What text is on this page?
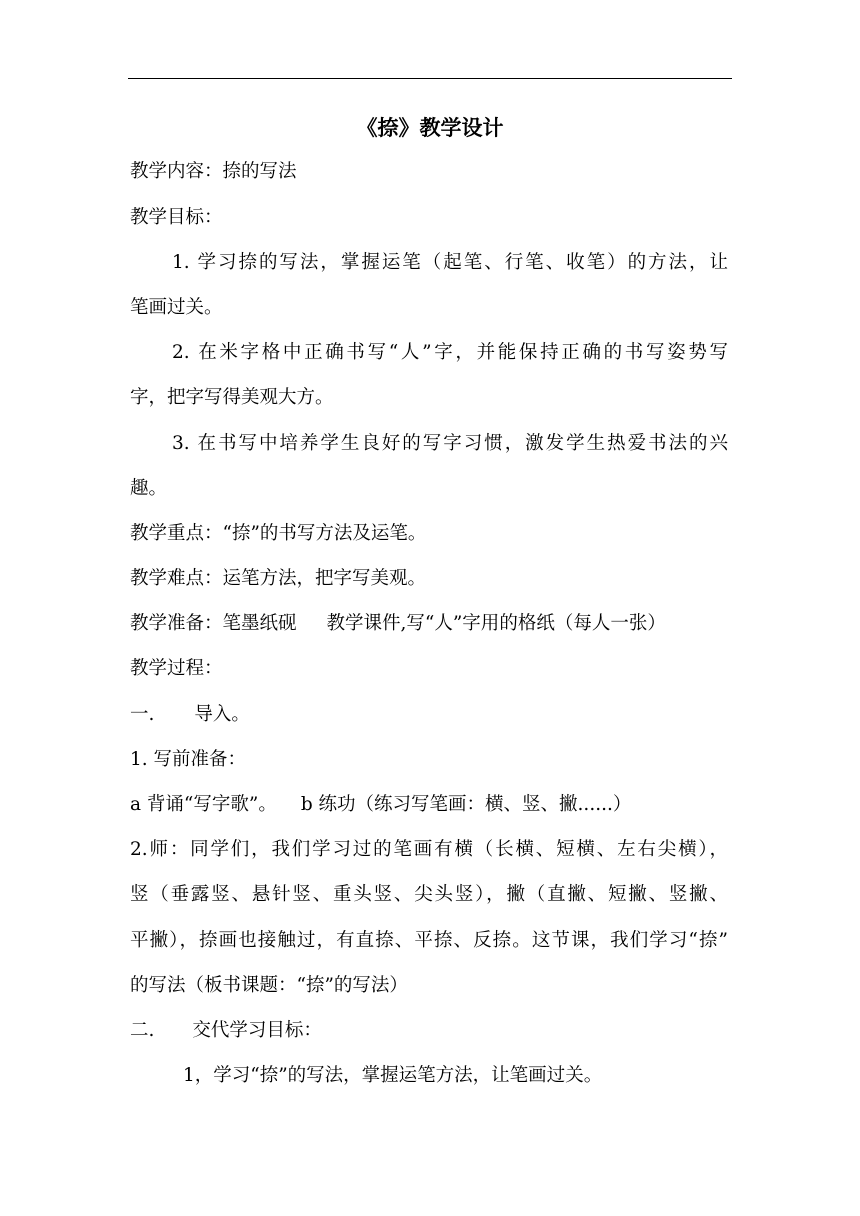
《捺》教学设计
教学内容：捺的写法
教学目标：
1. 学习捺的写法，掌握运笔（起笔、行笔、收笔）的方法，让
笔画过关。
2. 在米字格中正确书写“人”字，并能保持正确的书写姿势写
字，把字写得美观大方。
3. 在书写中培养学生良好的写字习惯，激发学生热爱书法的兴
趣。
教学重点：“捺”的书写方法及运笔。
教学难点：运笔方法，把字写美观。
教学准备：笔墨纸砚 教学课件,写“人”字用的格纸（每人一张）
教学过程：
一. 导入。
1. 写前准备：
a 背诵“写字歌”。 b 练功（练习写笔画：横、竖、撇......）
2.师：同学们，我们学习过的笔画有横（长横、短横、左右尖横），
竖（垂露竖、悬针竖、重头竖、尖头竖），撇（直撇、短撇、竖撇、
平撇），捺画也接触过，有直捺、平捺、反捺。这节课，我们学习“捺”
的写法（板书课题：“捺”的写法）
二. 交代学习目标：
1，学习“捺”的写法，掌握运笔方法，让笔画过关。
